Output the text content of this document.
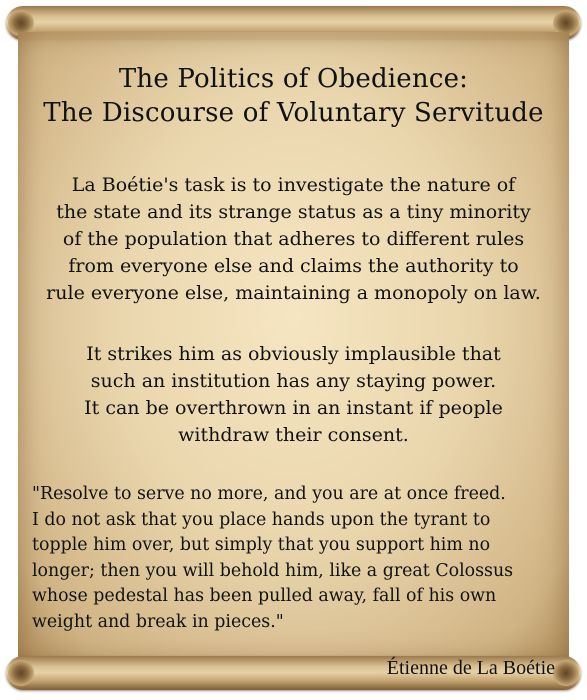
The Politics of Obedience:
The Discourse of Voluntary Servitude
La Boétie's task is to investigate the nature of
the state and its strange status as a tiny minority
of the population that adheres to different rules
from everyone else and claims the authority to
rule everyone else, maintaining a monopoly on law.
It strikes him as obviously implausible that
such an institution has any staying power.
It can be overthrown in an instant if people
withdraw their consent.
"Resolve to serve no more, and you are at once freed.
I do not ask that you place hands upon the tyrant to
topple him over, but simply that you support him no
longer; then you will behold him, like a great Colossus
whose pedestal has been pulled away, fall of his own
weight and break in pieces."
Étienne de La Boétie
